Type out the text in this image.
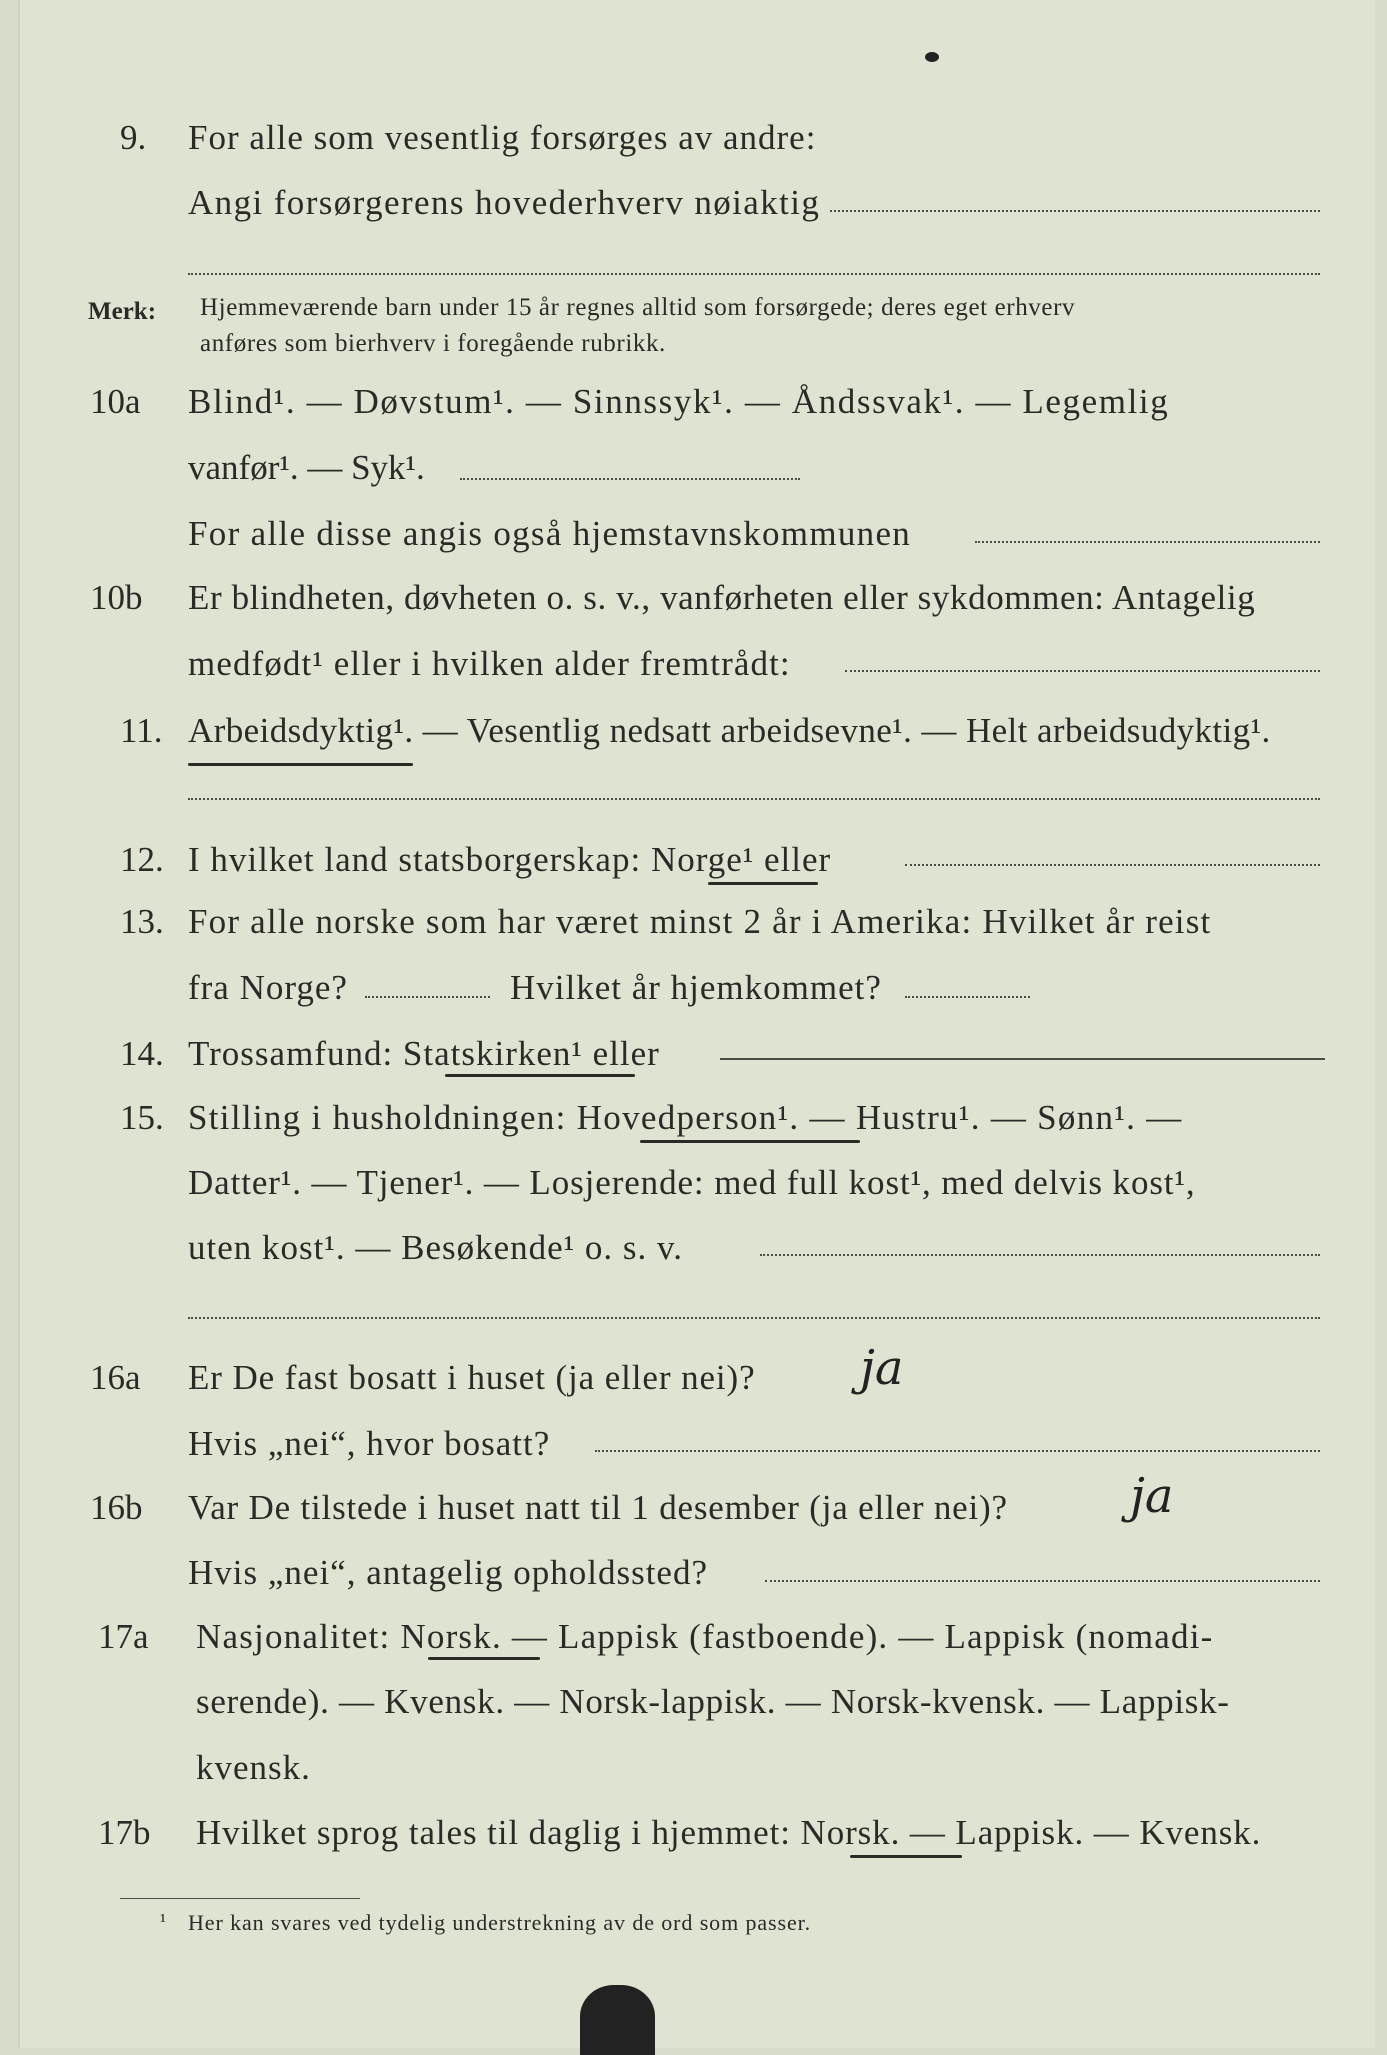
9. For alle som vesentlig forsørges av andre:
Angi forsørgerens hovederhverv nøiaktig
Merk: Hjemmeværende barn under 15 år regnes alltid som forsørgede; deres eget erhverv
anføres som bierhverv i foregående rubrikk.
10a Blind¹. — Døvstum¹. — Sinnssyk¹. — Åndssvak¹. — Legemlig
vanfør¹. — Syk¹.
For alle disse angis også hjemstavnskommunen
10b Er blindheten, døvheten o. s. v., vanførheten eller sykdommen: Antagelig
medfødt¹ eller i hvilken alder fremtrådt:
11. Arbeidsdyktig¹. — Vesentlig nedsatt arbeidsevne¹. — Helt arbeidsudyktig¹.
12. I hvilket land statsborgerskap: Norge¹ eller
13. For alle norske som har været minst 2 år i Amerika: Hvilket år reist
fra Norge?	Hvilket år hjemkommet?
14. Trossamfund: Statskirken¹ eller
15. Stilling i husholdningen: Hovedperson¹. — Hustru¹. — Sønn¹. —
Datter¹. — Tjener¹. — Losjerende: med full kost¹, med delvis kost¹,
uten kost¹. — Besøkende¹ o. s. v.
16a Er De fast bosatt i huset (ja eller nei)? ja
Hvis „nei“, hvor bosatt?
16b Var De tilstede i huset natt til 1 desember (ja eller nei)?	ja
Hvis „nei“, antagelig opholdssted?
17a Nasjonalitet: Norsk. — Lappisk (fastboende). — Lappisk (nomadi-
serende). — Kvensk. — Norsk-lappisk. — Norsk-kvensk. — Lappisk-
kvensk.
17b Hvilket sprog tales til daglig i hjemmet: Norsk. — Lappisk. — Kvensk.
¹ Her kan svares ved tydelig understrekning av de ord som passer.
